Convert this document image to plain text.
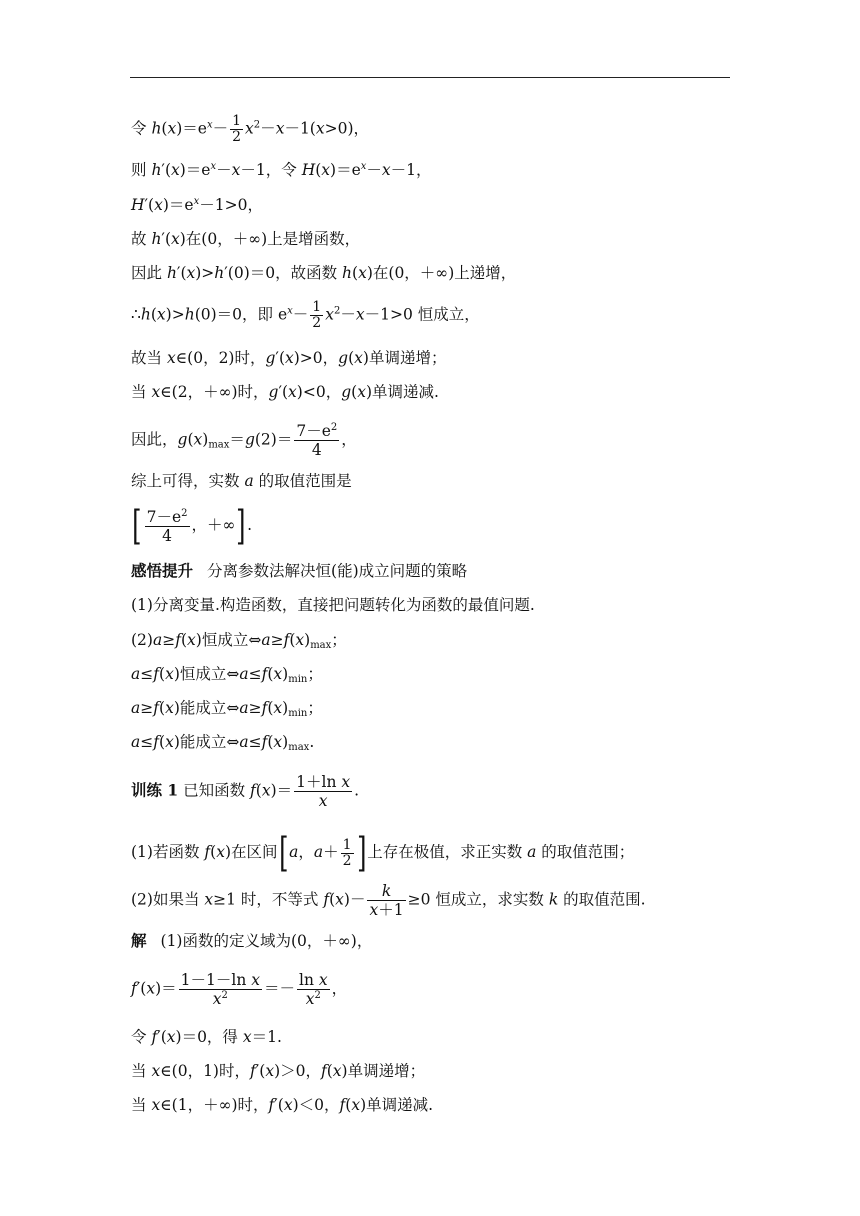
令 $h(x)=e^x- \frac{1}{2} x^2-x-1(x>0)$，
则 $h'(x)=e^x-x-1$，令 $H(x)=e^x-x-1$，
$H'(x)=e^x-1>0$，
故 h′(x)在(0，＋∞)上是增函数，
因此 h′(x)>h′(0)＝0，故函数 h(x)在(0，＋∞)上递增，
∴h(x)>h(0)＝0，即 $e^x- \frac{1}{2} x^2-x-1>0$ 恒成立，
故当 x∈(0，2)时，g′(x)>0，g(x)单调递增；
当 x∈(2，＋∞)时，g′(x)<0，g(x)单调递减.
因此，$g(x)_{max}=g(2)= \frac{7-e^2}{4}$ ，
综上可得，实数 a 的取值范围是
[ $\frac{7-e^2}{4}$ ，＋∞].
感悟提升 分离参数法解决恒(能)成立问题的策略
(1)分离变量.构造函数，直接把问题转化为函数的最值问题.
(2)a≥f(x)恒成立$\Leftrightarrow a\ge f(x)_{max}$；
a≤f(x)恒成立$\Leftrightarrow a\le f(x)_{min}$；
a≥f(x)能成立$\Leftrightarrow a\ge f(x)_{min}$；
a≤f(x)能成立$\Leftrightarrow a\le f(x)_{max}$.
训练 1 已知函数 $f(x)= \frac{\text{1＋ln x}}{x}$ .
(1)若函数 f(x)在区间[a，$a+ \frac{1}{2}$ ]上存在极值，求正实数 a 的取值范围；
(2)如果当 x≥1 时，不等式 $f(x)- \frac{k}{x+1} \ge 0$ 恒成立，求实数 k 的取值范围.
解 (1)函数的定义域为(0，＋∞)，
$f'(x)= \frac{\text{1－1－ln x}}{x^2} =- \frac{\text{ln x}}{x^2}$ ，
令 f′(x)＝0，得 x＝1.
当 x∈(0，1)时，f′(x)＞0，f(x)单调递增；
当 x∈(1，＋∞)时，f′(x)＜0，f(x)单调递减.
